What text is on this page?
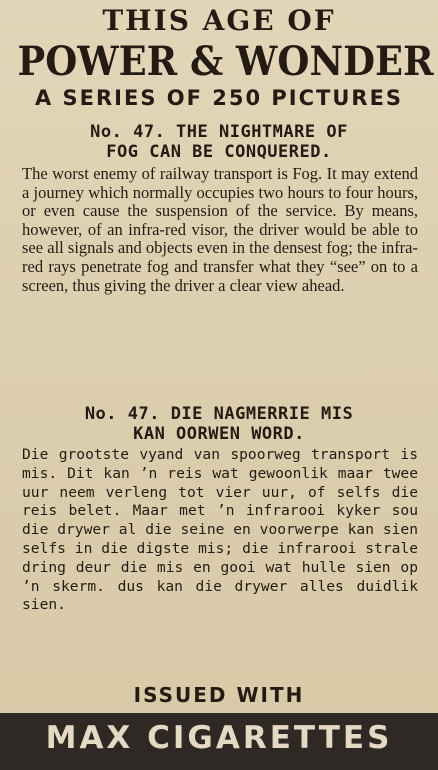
THIS AGE OF
POWER & WONDER
A SERIES OF 250 PICTURES
No. 47. THE NIGHTMARE OF
FOG CAN BE CONQUERED.

The worst enemy of railway transport is Fog. It may extend a journey which normally occupies two hours to four hours, or even cause the suspension of the service. By means, however, of an infra-red visor, the driver would be able to see all signals and objects even in the densest fog; the infra-red rays penetrate fog and transfer what they “see” on to a screen, thus giving the driver a clear view ahead.

No. 47. DIE NAGMERRIE MIS
KAN OORWEN WORD.

Die grootste vyand van spoorweg transport is mis. Dit kan ’n reis wat gewoonlik maar twee uur neem verleng tot vier uur, of selfs die reis belet. Maar met ’n infrarooi kyker sou die drywer al die seine en voorwerpe kan sien selfs in die digste mis; die infrarooi strale dring deur die mis en gooi wat hulle sien op ’n skerm. dus kan die drywer alles duidlik sien.

ISSUED WITH
MAX CIGARETTES
